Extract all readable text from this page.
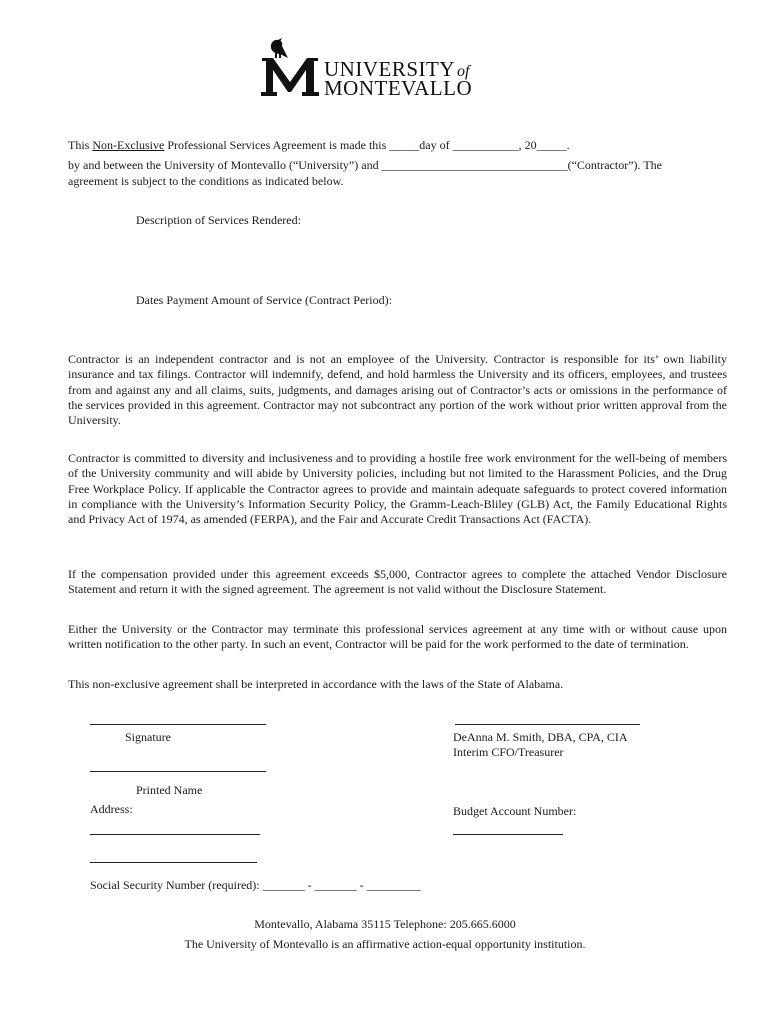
UNIVERSITY of
MONTEVALLO
This Non-Exclusive Professional Services Agreement is made this _____day of ___________, 20_____.
by and between the University of Montevallo (“University”) and _______________________________(“Contractor”). The
agreement is subject to the conditions as indicated below.
Description of Services Rendered:
Dates Payment Amount of Service (Contract Period):
Contractor is an independent contractor and is not an employee of the University. Contractor is responsible for its’ own liability insurance and tax filings. Contractor will indemnify, defend, and hold harmless the University and its officers, employees, and trustees from and against any and all claims, suits, judgments, and damages arising out of Contractor’s acts or omissions in the performance of the services provided in this agreement. Contractor may not subcontract any portion of the work without prior written approval from the University.
Contractor is committed to diversity and inclusiveness and to providing a hostile free work environment for the well-being of members of the University community and will abide by University policies, including but not limited to the Harassment Policies, and the Drug Free Workplace Policy. If applicable the Contractor agrees to provide and maintain adequate safeguards to protect covered information in compliance with the University’s Information Security Policy, the Gramm-Leach-Bliley (GLB) Act, the Family Educational Rights and Privacy Act of 1974, as amended (FERPA), and the Fair and Accurate Credit Transactions Act (FACTA).
If the compensation provided under this agreement exceeds $5,000, Contractor agrees to complete the attached Vendor Disclosure Statement and return it with the signed agreement. The agreement is not valid without the Disclosure Statement.
Either the University or the Contractor may terminate this professional services agreement at any time with or without cause upon written notification to the other party. In such an event, Contractor will be paid for the work performed to the date of termination.
This non-exclusive agreement shall be interpreted in accordance with the laws of the State of Alabama.
Signature	DeAnna M. Smith, DBA, CPA, CIA
Interim CFO/Treasurer
Printed Name
Address:	Budget Account Number:
Social Security Number (required): _______ - _______ - _________
Montevallo, Alabama 35115 Telephone: 205.665.6000
The University of Montevallo is an affirmative action-equal opportunity institution.
